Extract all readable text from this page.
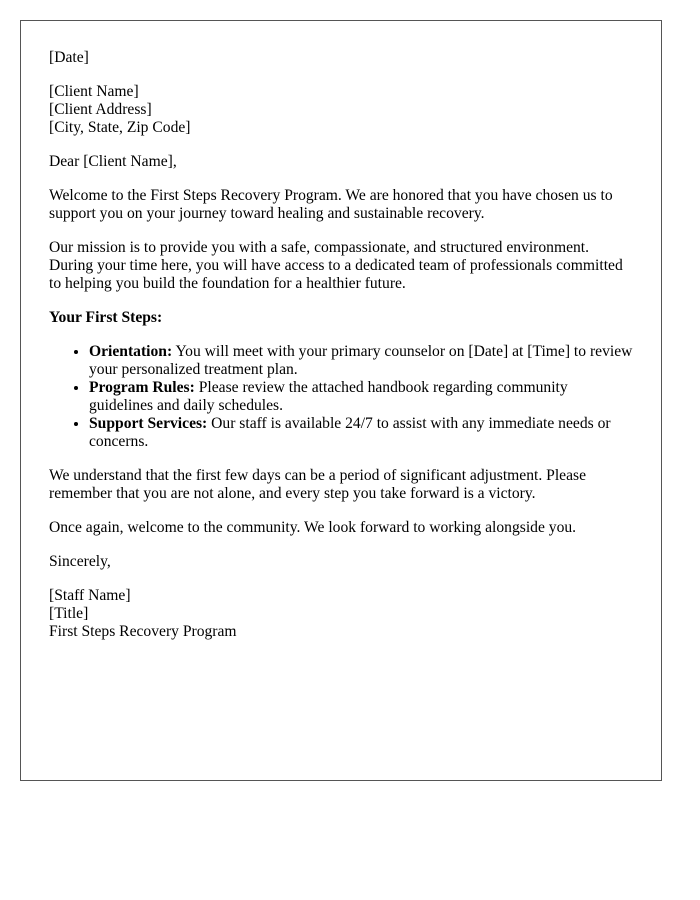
[Date]

[Client Name]
[Client Address]
[City, State, Zip Code]

Dear [Client Name],

Welcome to the First Steps Recovery Program. We are honored that you have chosen us to support you on your journey toward healing and sustainable recovery.

Our mission is to provide you with a safe, compassionate, and structured environment. During your time here, you will have access to a dedicated team of professionals committed to helping you build the foundation for a healthier future.

Your First Steps:

• Orientation: You will meet with your primary counselor on [Date] at [Time] to review your personalized treatment plan.
• Program Rules: Please review the attached handbook regarding community guidelines and daily schedules.
• Support Services: Our staff is available 24/7 to assist with any immediate needs or concerns.

We understand that the first few days can be a period of significant adjustment. Please remember that you are not alone, and every step you take forward is a victory.

Once again, welcome to the community. We look forward to working alongside you.

Sincerely,

[Staff Name]
[Title]
First Steps Recovery Program
